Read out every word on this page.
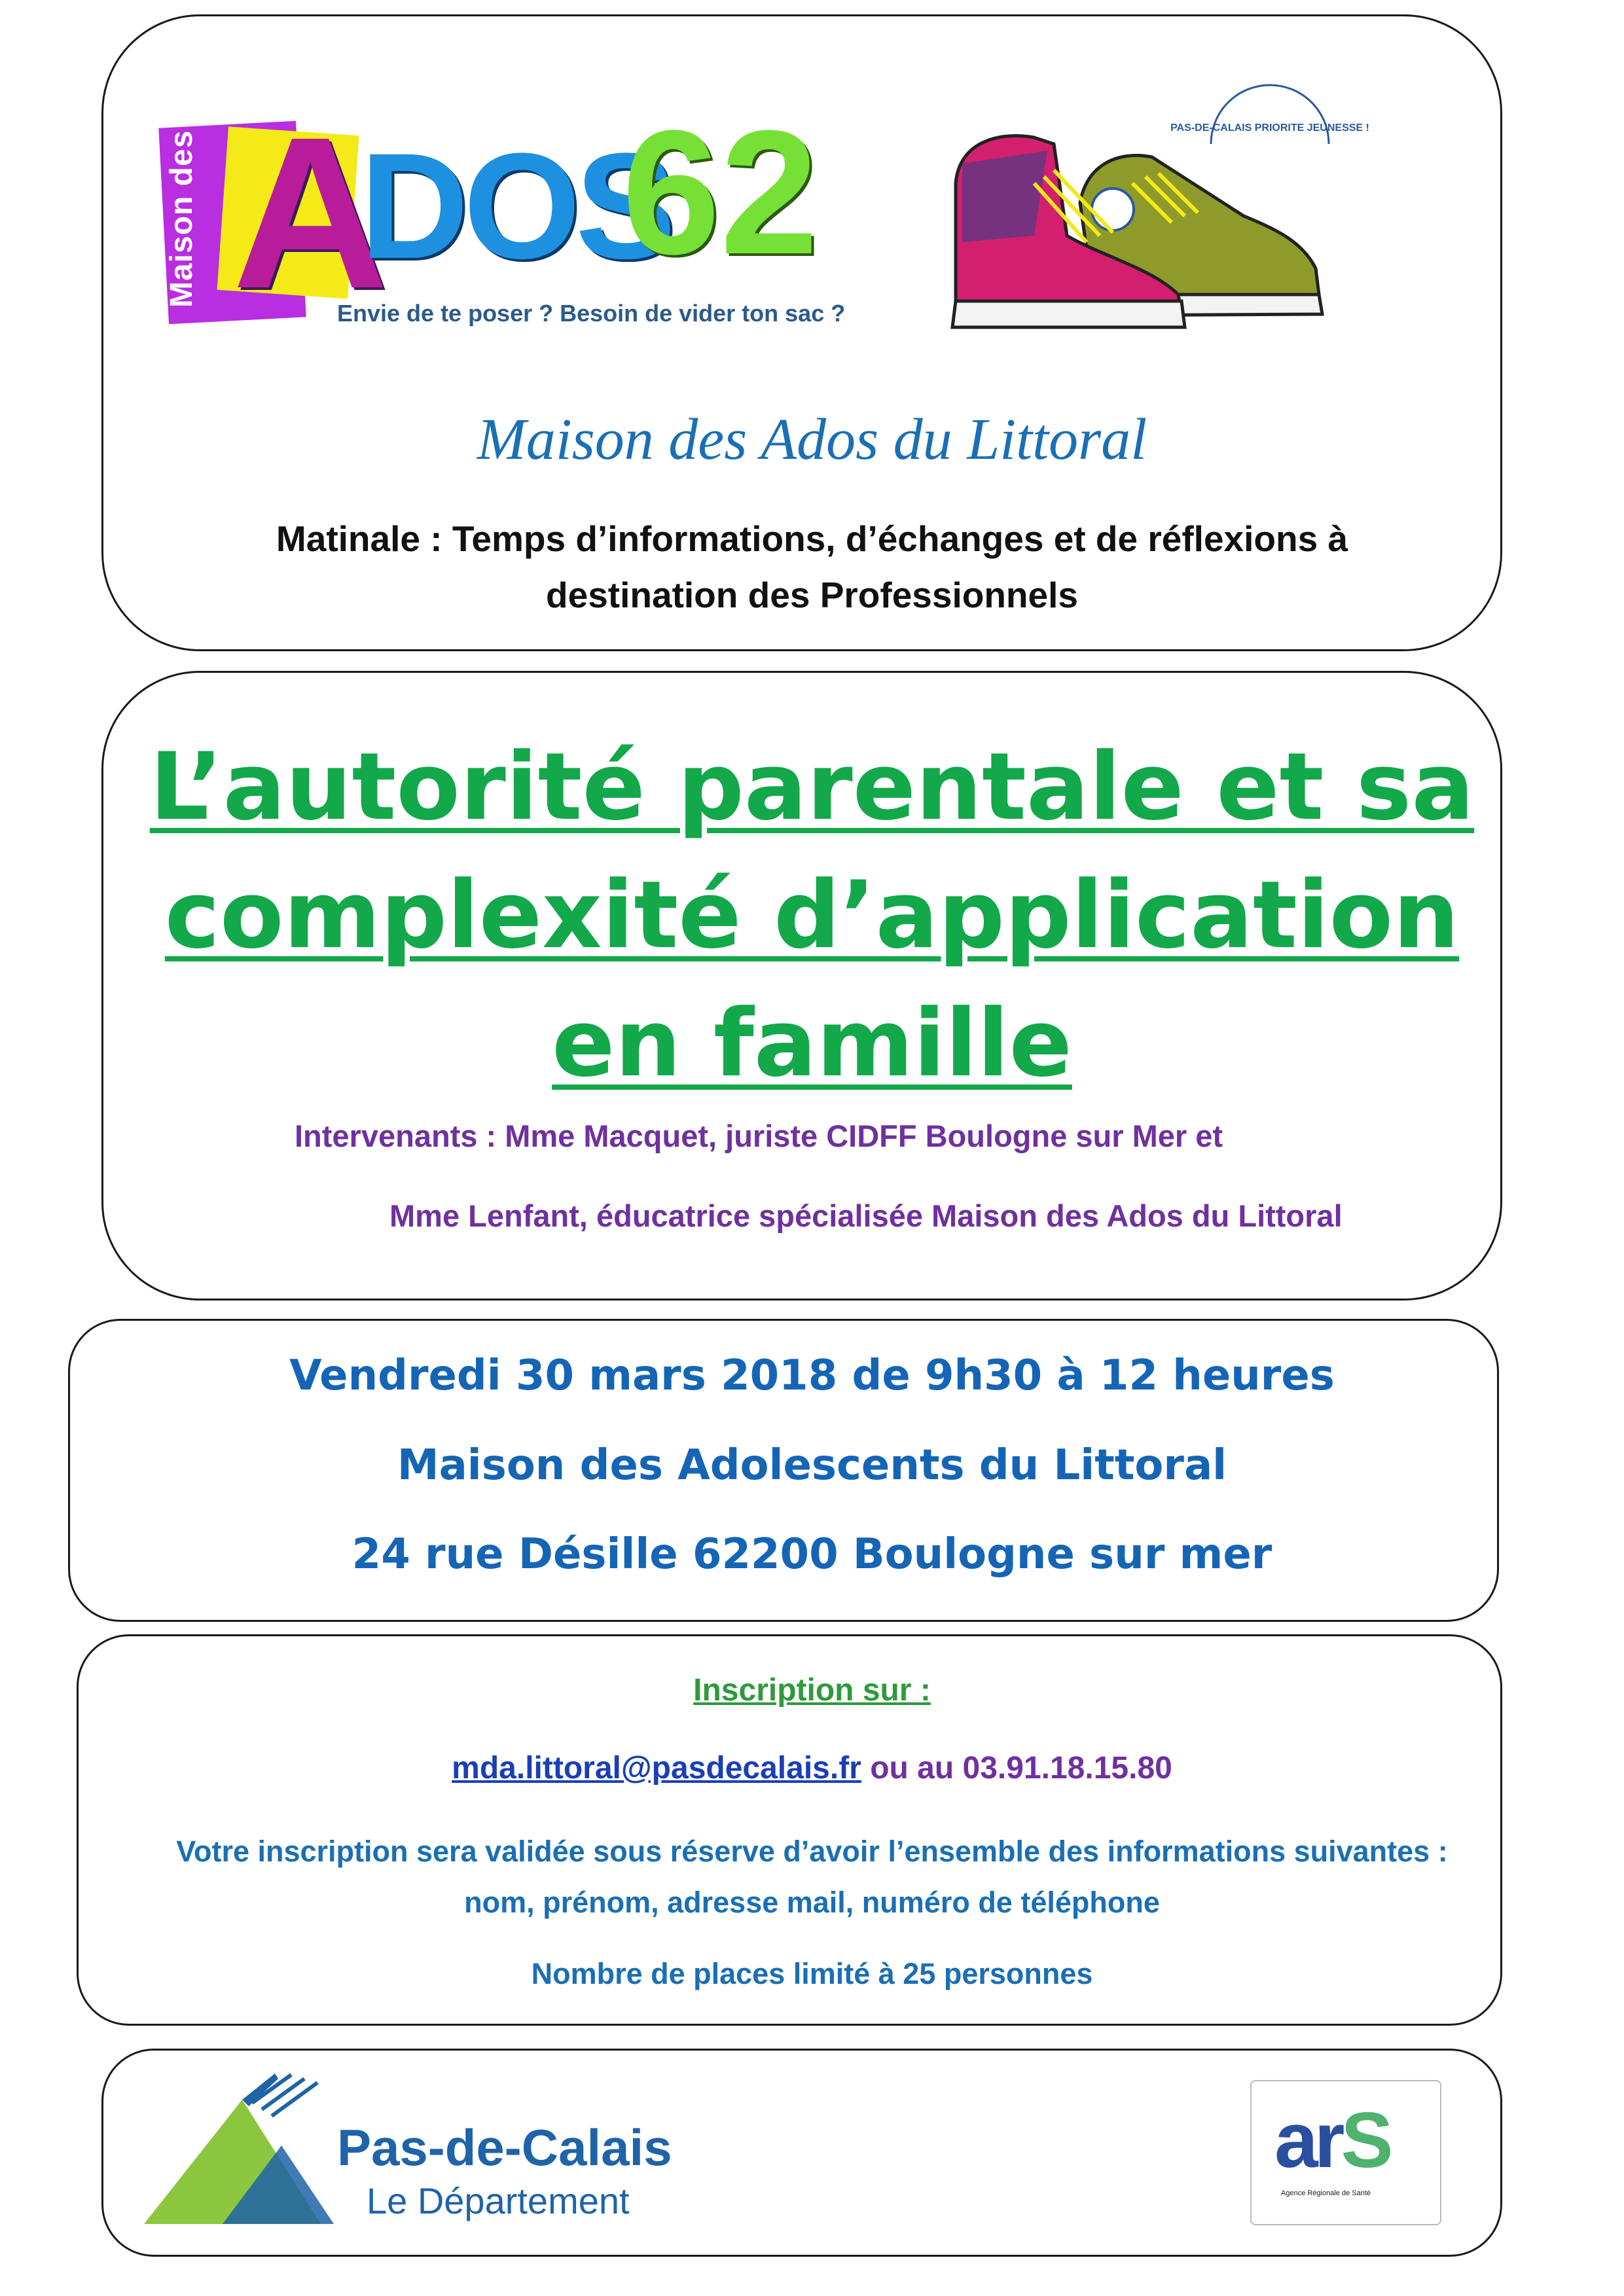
Maison des A
DOS
62
Envie de te poser ? Besoin de vider ton sac ?
PAS-DE-CALAIS PRIORITE JEUNESSE !
Maison des Ados du Littoral
Matinale : Temps d’informations, d’échanges et de réflexions à
destination des Professionnels
L’autorité parentale et sa
complexité d’application
en famille
Intervenants : Mme Macquet, juriste CIDFF Boulogne sur Mer et
Mme Lenfant, éducatrice spécialisée Maison des Ados du Littoral
Vendredi 30 mars 2018 de 9h30 à 12 heures
Maison des Adolescents du Littoral
24 rue Désille 62200 Boulogne sur mer
Inscription sur :
mda.littoral@pasdecalais.fr ou au 03.91.18.15.80
Votre inscription sera validée sous réserve d’avoir l’ensemble des informations suivantes :
nom, prénom, adresse mail, numéro de téléphone
Nombre de places limité à 25 personnes
Pas-de-Calais
Le Département
arS
Agence Régionale de Santé
